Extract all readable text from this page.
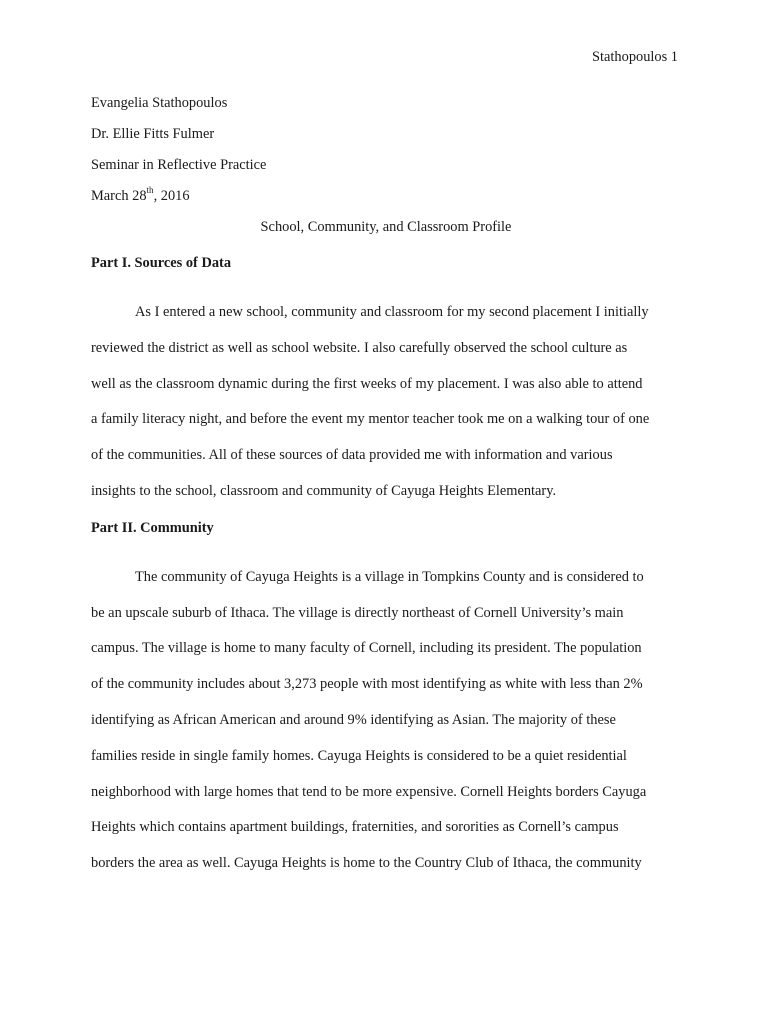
Stathopoulos 1
Evangelia Stathopoulos
Dr. Ellie Fitts Fulmer
Seminar in Reflective Practice
March 28th, 2016
School, Community, and Classroom Profile
Part I. Sources of Data
As I entered a new school, community and classroom for my second placement I initially
reviewed the district as well as school website. I also carefully observed the school culture as
well as the classroom dynamic during the first weeks of my placement. I was also able to attend
a family literacy night, and before the event my mentor teacher took me on a walking tour of one
of the communities. All of these sources of data provided me with information and various
insights to the school, classroom and community of Cayuga Heights Elementary.
Part II. Community
The community of Cayuga Heights is a village in Tompkins County and is considered to
be an upscale suburb of Ithaca. The village is directly northeast of Cornell University’s main
campus. The village is home to many faculty of Cornell, including its president. The population
of the community includes about 3,273 people with most identifying as white with less than 2%
identifying as African American and around 9% identifying as Asian. The majority of these
families reside in single family homes. Cayuga Heights is considered to be a quiet residential
neighborhood with large homes that tend to be more expensive. Cornell Heights borders Cayuga
Heights which contains apartment buildings, fraternities, and sororities as Cornell’s campus
borders the area as well. Cayuga Heights is home to the Country Club of Ithaca, the community
